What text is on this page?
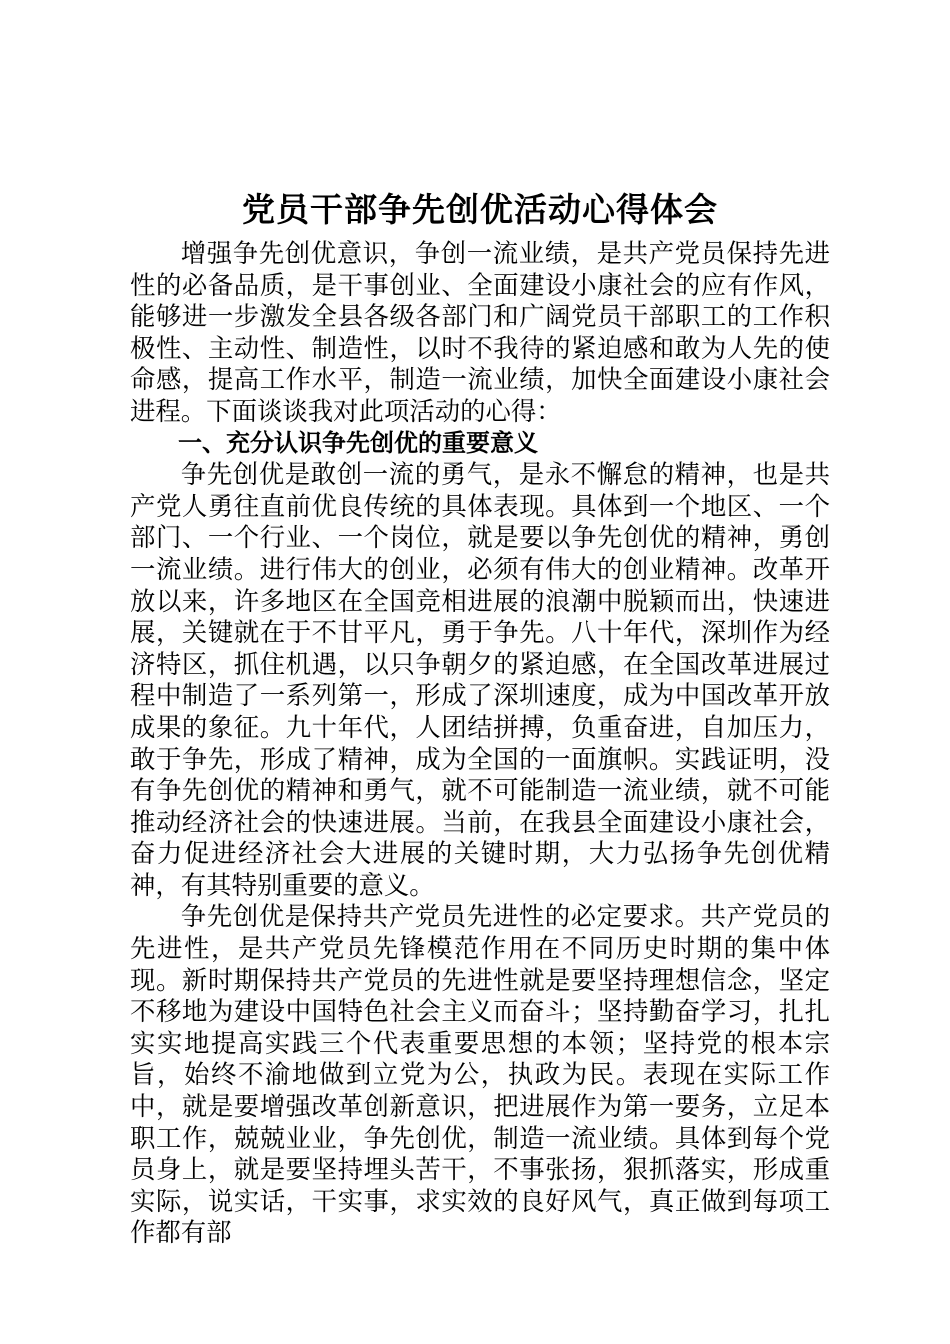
党员干部争先创优活动心得体会

增强争先创优意识，争创一流业绩，是共产党员保持先进性的必备品质，是干事创业、全面建设小康社会的应有作风，能够进一步激发全县各级各部门和广阔党员干部职工的工作积极性、主动性、制造性，以时不我待的紧迫感和敢为人先的使命感，提高工作水平，制造一流业绩，加快全面建设小康社会进程。下面谈谈我对此项活动的心得：

一、充分认识争先创优的重要意义

争先创优是敢创一流的勇气，是永不懈怠的精神，也是共产党人勇往直前优良传统的具体表现。具体到一个地区、一个部门、一个行业、一个岗位，就是要以争先创优的精神，勇创一流业绩。进行伟大的创业，必须有伟大的创业精神。改革开放以来，许多地区在全国竞相进展的浪潮中脱颖而出，快速进展，关键就在于不甘平凡，勇于争先。八十年代，深圳作为经济特区，抓住机遇，以只争朝夕的紧迫感，在全国改革进展过程中制造了一系列第一，形成了深圳速度，成为中国改革开放成果的象征。九十年代，人团结拼搏，负重奋进，自加压力，敢于争先，形成了精神，成为全国的一面旗帜。实践证明，没有争先创优的精神和勇气，就不可能制造一流业绩，就不可能推动经济社会的快速进展。当前，在我县全面建设小康社会，奋力促进经济社会大进展的关键时期，大力弘扬争先创优精神，有其特别重要的意义。

争先创优是保持共产党员先进性的必定要求。共产党员的先进性，是共产党员先锋模范作用在不同历史时期的集中体现。新时期保持共产党员的先进性就是要坚持理想信念，坚定不移地为建设中国特色社会主义而奋斗；坚持勤奋学习，扎扎实实地提高实践三个代表重要思想的本领；坚持党的根本宗旨，始终不渝地做到立党为公，执政为民。表现在实际工作中，就是要增强改革创新意识，把进展作为第一要务，立足本职工作，兢兢业业，争先创优，制造一流业绩。具体到每个党员身上，就是要坚持埋头苦干，不事张扬，狠抓落实，形成重实际，说实话，干实事，求实效的良好风气，真正做到每项工作都有部
